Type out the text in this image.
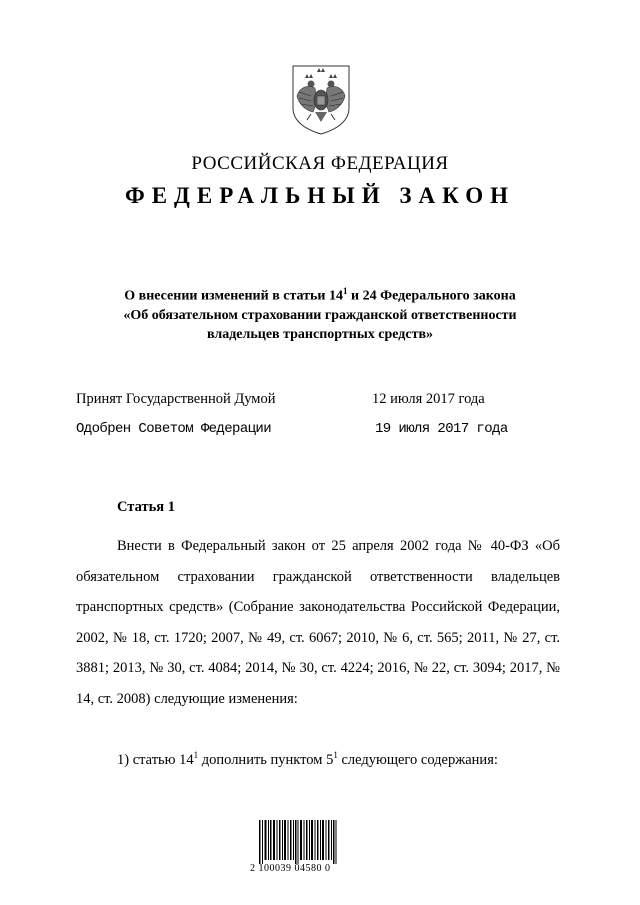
РОССИЙСКАЯ ФЕДЕРАЦИЯ
ФЕДЕРАЛЬНЫЙ ЗАКОН
О внесении изменений в статьи $14^1$ и 24 Федерального закона
«Об обязательном страховании гражданской ответственности
владельцев транспортных средств»
Принят Государственной Думой	12 июля 2017 года
Одобрен Советом Федерации	19 июля 2017 года
Статья 1
Внести в Федеральный закон от 25 апреля 2002 года № 40-ФЗ «Об обязательном страховании гражданской ответственности владельцев транспортных средств» (Собрание законодательства Российской Федерации, 2002, № 18, ст. 1720; 2007, № 49, ст. 6067; 2010, № 6, ст. 565; 2011, № 27, ст. 3881; 2013, № 30, ст. 4084; 2014, № 30, ст. 4224; 2016, № 22, ст. 3094; 2017, № 14, ст. 2008) следующие изменения:
1) статью $14^1$ дополнить пунктом $5^1$ следующего содержания:
2 100039 04580 0
